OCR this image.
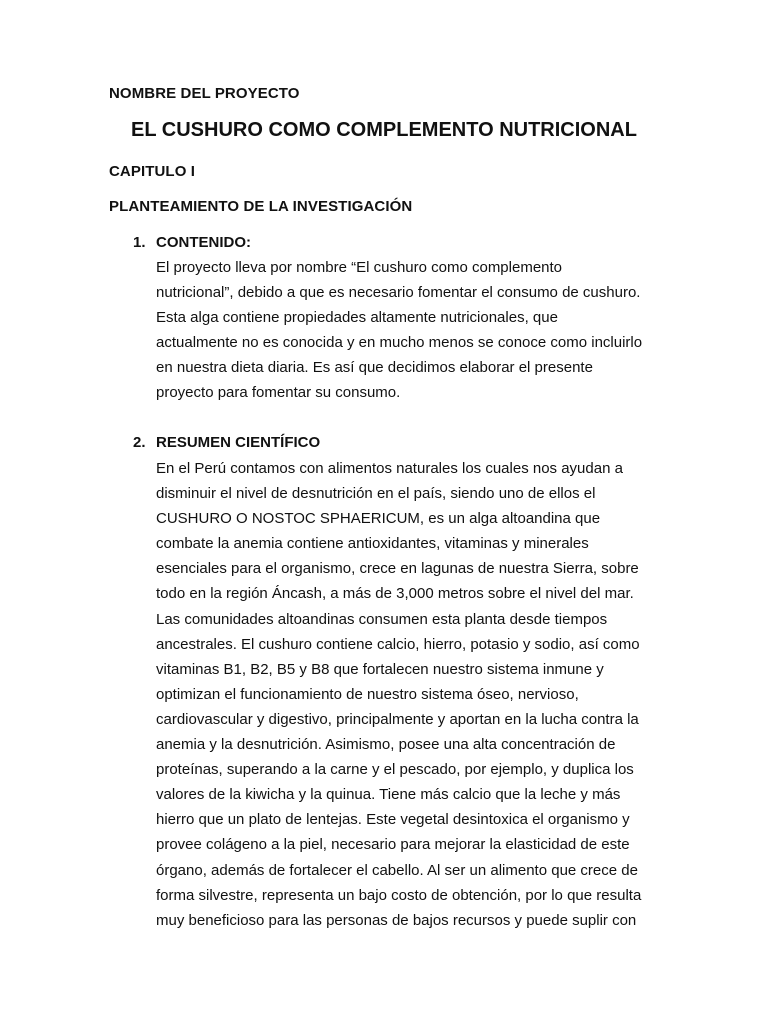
NOMBRE DEL PROYECTO
EL CUSHURO COMO COMPLEMENTO NUTRICIONAL
CAPITULO I
PLANTEAMIENTO DE LA INVESTIGACIÓN
1. CONTENIDO:
El proyecto lleva por nombre “El cushuro como complemento
nutricional”, debido a que es necesario fomentar el consumo de cushuro.
Esta alga contiene propiedades altamente nutricionales, que
actualmente no es conocida y en mucho menos se conoce como incluirlo
en nuestra dieta diaria. Es así que decidimos elaborar el presente
proyecto para fomentar su consumo.
2. RESUMEN CIENTÍFICO
En el Perú contamos con alimentos naturales los cuales nos ayudan a
disminuir el nivel de desnutrición en el país, siendo uno de ellos el
CUSHURO O NOSTOC SPHAERICUM, es un alga altoandina que
combate la anemia contiene antioxidantes, vitaminas y minerales
esenciales para el organismo, crece en lagunas de nuestra Sierra, sobre
todo en la región Áncash, a más de 3,000 metros sobre el nivel del mar.
Las comunidades altoandinas consumen esta planta desde tiempos
ancestrales. El cushuro contiene calcio, hierro, potasio y sodio, así como
vitaminas B1, B2, B5 y B8 que fortalecen nuestro sistema inmune y
optimizan el funcionamiento de nuestro sistema óseo, nervioso,
cardiovascular y digestivo, principalmente y aportan en la lucha contra la
anemia y la desnutrición. Asimismo, posee una alta concentración de
proteínas, superando a la carne y el pescado, por ejemplo, y duplica los
valores de la kiwicha y la quinua. Tiene más calcio que la leche y más
hierro que un plato de lentejas. Este vegetal desintoxica el organismo y
provee colágeno a la piel, necesario para mejorar la elasticidad de este
órgano, además de fortalecer el cabello. Al ser un alimento que crece de
forma silvestre, representa un bajo costo de obtención, por lo que resulta
muy beneficioso para las personas de bajos recursos y puede suplir con
